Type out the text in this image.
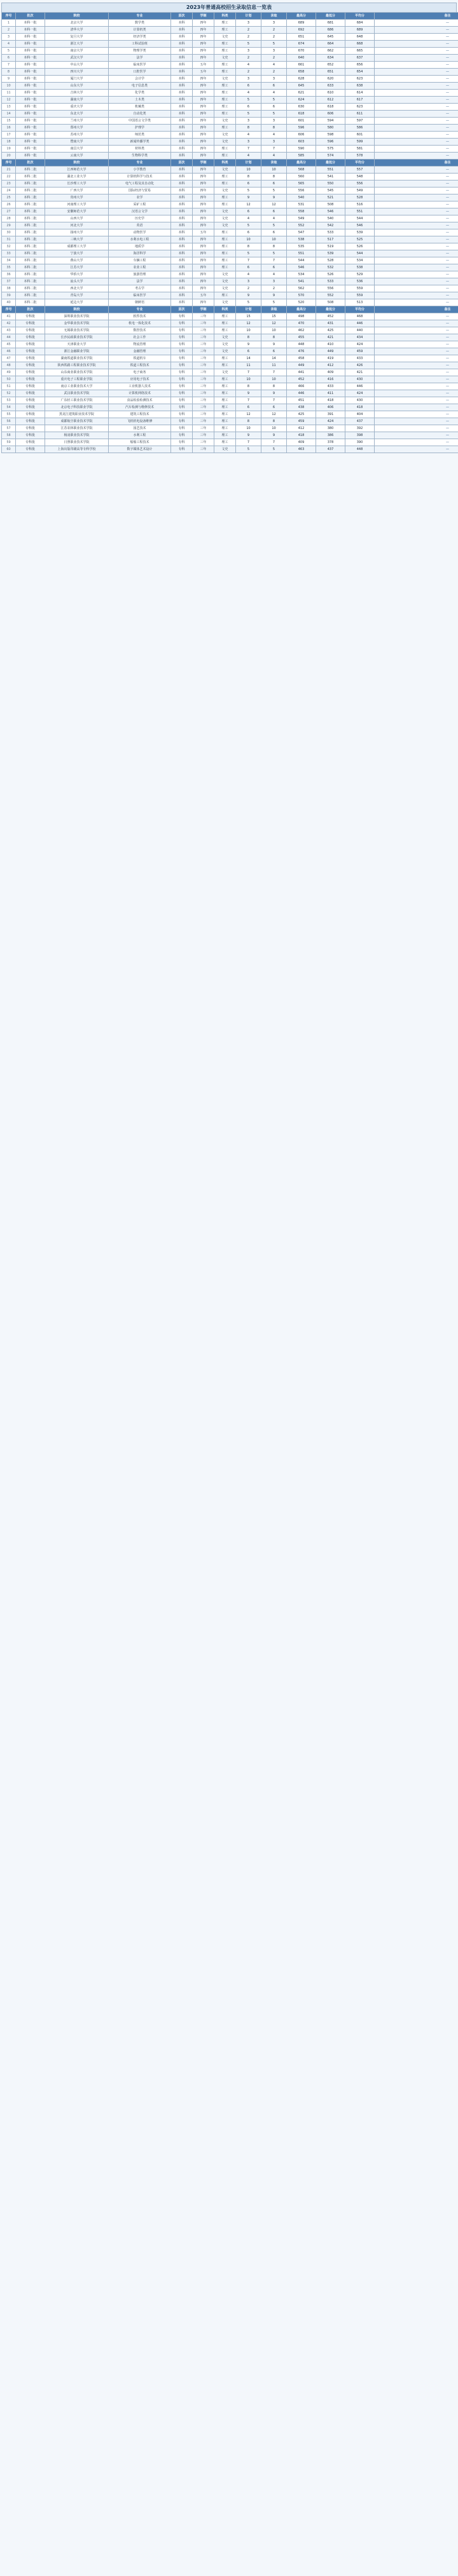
2023年普通高校招生录取信息一览表
序号	批次	院校	专业	层次	学制	科类	计划	录取	最高分	最低分	平均分	备注
1	本科一批	北京大学	数学类	本科	四年	理工	3	3	689	681	684	—
2	本科一批	清华大学	计算机类	本科	四年	理工	2	2	692	686	689	—
3	本科一批	复旦大学	经济学类	本科	四年	文史	2	2	651	645	648	—
4	本科一批	浙江大学	工科试验班	本科	四年	理工	5	5	674	664	668	—
5	本科一批	南京大学	物理学类	本科	四年	理工	3	3	670	662	665	—
6	本科一批	武汉大学	法学	本科	四年	文史	2	2	640	634	637	—
7	本科一批	中山大学	临床医学	本科	五年	理工	4	4	661	652	656	—
8	本科一批	四川大学	口腔医学	本科	五年	理工	2	2	658	651	654	—
9	本科一批	厦门大学	会计学	本科	四年	文史	3	3	628	620	623	—
10	本科一批	山东大学	电子信息类	本科	四年	理工	6	6	645	633	638	—
11	本科一批	吉林大学	化学类	本科	四年	理工	4	4	621	610	614	—
12	本科一批	湖南大学	土木类	本科	四年	理工	5	5	624	612	617	—
13	本科一批	重庆大学	机械类	本科	四年	理工	6	6	630	618	623	—
14	本科一批	东北大学	自动化类	本科	四年	理工	5	5	618	606	611	—
15	本科一批	兰州大学	中国语言文学类	本科	四年	文史	3	3	601	594	597	—
16	本科一批	郑州大学	护理学	本科	四年	理工	8	8	596	580	586	—
17	本科一批	苏州大学	师范类	本科	四年	文史	4	4	606	598	601	—
18	本科一批	暨南大学	新闻传播学类	本科	四年	文史	3	3	603	596	599	—
19	本科一批	南昌大学	材料类	本科	四年	理工	7	7	590	575	581	—
20	本科一批	云南大学	生物科学类	本科	四年	理工	4	4	585	574	578	—
序号	批次	院校	专业	层次	学制	科类	计划	录取	最高分	最低分	平均分	备注
21	本科二批	江西师范大学	小学教育	本科	四年	文史	10	10	568	551	557	—
22	本科二批	湖北工业大学	计算机科学与技术	本科	四年	理工	8	8	560	541	548	—
23	本科二批	长沙理工大学	电气工程及其自动化	本科	四年	理工	6	6	565	550	556	—
24	本科二批	广西大学	国际经济与贸易	本科	四年	文史	5	5	556	545	549	—
25	本科二批	贵州大学	农学	本科	四年	理工	9	9	540	521	528	—
26	本科二批	河南理工大学	采矿工程	本科	四年	理工	12	12	531	508	516	—
27	本科二批	安徽师范大学	汉语言文学	本科	四年	文史	6	6	558	546	551	—
28	本科二批	山西大学	历史学	本科	四年	文史	4	4	549	540	544	—
29	本科二批	河北大学	英语	本科	四年	文史	5	5	552	542	546	—
30	本科二批	扬州大学	动物医学	本科	五年	理工	6	6	547	533	539	—
31	本科二批	三峡大学	水利水电工程	本科	四年	理工	10	10	538	517	525	—
32	本科二批	成都理工大学	地质学	本科	四年	理工	8	8	535	519	526	—
33	本科二批	宁波大学	海洋科学	本科	四年	理工	5	5	551	539	544	—
34	本科二批	燕山大学	车辆工程	本科	四年	理工	7	7	544	528	534	—
35	本科二批	江苏大学	农业工程	本科	四年	理工	6	6	546	532	538	—
36	本科二批	华侨大学	旅游管理	本科	四年	文史	4	4	534	526	529	—
37	本科二批	汕头大学	法学	本科	四年	文史	3	3	541	533	536	—
38	本科二批	西北大学	考古学	本科	四年	文史	2	2	562	556	559	—
39	本科二批	青岛大学	临床医学	本科	五年	理工	9	9	570	552	559	—
40	本科二批	延边大学	朝鲜语	本科	四年	文史	5	5	520	508	513	—
序号	批次	院校	专业	层次	学制	科类	计划	录取	最高分	最低分	平均分	备注
41	专科批	深圳职业技术学院	软件技术	专科	三年	理工	15	15	498	452	468	—
42	专科批	金华职业技术学院	机电一体化技术	专科	三年	理工	12	12	470	431	446	—
43	专科批	无锡职业技术学院	数控技术	专科	三年	理工	10	10	462	425	440	—
44	专科批	长沙民政职业技术学院	社会工作	专科	三年	文史	8	8	455	421	434	—
45	专科批	天津职业大学	物流管理	专科	三年	文史	9	9	448	410	424	—
46	专科批	浙江金融职业学院	金融管理	专科	三年	文史	6	6	476	449	459	—
47	专科批	湖南铁道职业技术学院	铁道机车	专科	三年	理工	14	14	458	419	433	—
48	专科批	陕西铁路工程职业技术学院	铁道工程技术	专科	三年	理工	11	11	449	412	426	—
49	专科批	山东商业职业技术学院	电子商务	专科	三年	文史	7	7	441	409	421	—
50	专科批	重庆电子工程职业学院	应用电子技术	专科	三年	理工	10	10	452	416	430	—
51	专科批	南京工业职业技术大学	工业机器人技术	专科	三年	理工	8	8	466	433	446	—
52	专科批	武汉职业技术学院	计算机网络技术	专科	三年	理工	9	9	446	411	424	—
53	专科批	广东轻工职业技术学院	食品检验检测技术	专科	三年	理工	7	7	451	418	430	—
54	专科批	北京电子科技职业学院	汽车检测与维修技术	专科	三年	理工	6	6	438	406	418	—
55	专科批	黑龙江建筑职业技术学院	建筑工程技术	专科	三年	理工	12	12	425	391	404	—
56	专科批	成都航空职业技术学院	飞机机电设备维修	专科	三年	理工	8	8	459	424	437	—
57	专科批	江苏农林职业技术学院	园艺技术	专科	三年	理工	10	10	412	380	392	—
58	专科批	杨凌职业技术学院	水利工程	专科	三年	理工	9	9	418	386	398	—
59	专科批	日照职业技术学院	船舶工程技术	专科	三年	理工	7	7	409	378	390	—
60	专科批	上海出版印刷高等专科学校	数字媒体艺术设计	专科	三年	文史	5	5	463	437	448	—
